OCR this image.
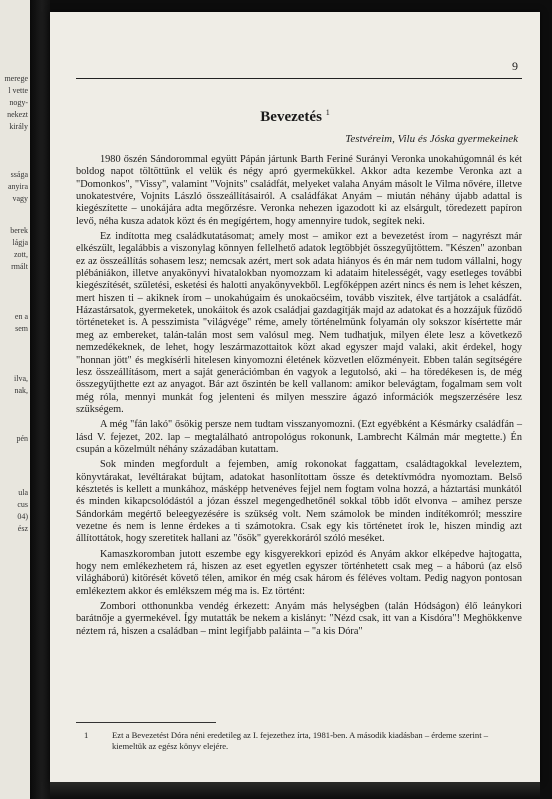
merege
l vette
nogy-
nekezt
király
ssága
anyira
vagy
berek
lágja
zott,
rmált
en a
sem
ilva,
nak,
pén
ula
cus
04)
ész
9
Bevezetés $^1$
Testvéreim, Vilu és Jóska gyermekeinek

1980 őszén Sándorommal együtt Pápán jártunk Barth Feriné Surányi Veronka unokahúgomnál és két boldog napot töltöttünk el velük és négy apró gyermekükkel. Akkor adta kezembe Veronka azt a "Domonkos", "Vissy", valamint "Vojnits" családfát, melyeket valaha Anyám másolt le Vilma nővére, illetve unokatestvére, Vojnits László összeállításairól. A családfákat Anyám – miután néhány újabb adattal is kiegészítette – unokájára adta megőrzésre. Veronka nehezen igazodott ki az elsárgult, töredezett papíron levő, néha kusza adatok közt és én megígértem, hogy amennyire tudok, segítek neki.

Ez indította meg családkutatásomat; amely most – amikor ezt a bevezetést írom – nagyrészt már elkészült, legalábbis a viszonylag könnyen fellelhető adatok legtöbbjét összegyűjtöttem. "Készen" azonban ez az összeállítás sohasem lesz; nemcsak azért, mert sok adata hiányos és én már nem tudom vállalni, hogy plébániákon, illetve anyakönyvi hivatalokban nyomozzam ki adataim hitelességét, vagy esetleges további kiegészítését, születési, esketési és halotti anyakönyvekből. Legfőképpen azért nincs és nem is lehet készen, mert hiszen ti – akiknek írom – unokahúgaim és unokaöcséim, tovább viszitek, élve tartjátok a családfát. Házastársatok, gyermeketek, unokáitok és azok családjai gazdagítják majd az adatokat és a hozzájuk fűződő történeteket is. A pesszimista "világvége" réme, amely történelmünk folyamán oly sokszor kísértette már meg az embereket, talán-talán most sem valósul meg. Nem tudhatjuk, milyen élete lesz a következő nemzedékeknek, de lehet, hogy leszármazottaitok közt akad egyszer majd valaki, akit érdekel, hogy "honnan jött" és megkísérli hitelesen kinyomozni életének közvetlen előzményeit. Ebben talán segítségére lesz összeállításom, mert a saját generációmban én vagyok a legutolsó, aki – ha töredékesen is, de még összegyűjthette ezt az anyagot. Bár azt őszintén be kell vallanom: amikor belevágtam, fogalmam sem volt még róla, mennyi munkát fog jelenteni és milyen messzire ágazó információk megszerzésére lesz szükségem.

A még "fán lakó" ősökig persze nem tudtam visszanyomozni. (Ezt egyébként a Késmárky családfán – lásd V. fejezet, 202. lap – megtalálható antropológus rokonunk, Lambrecht Kálmán már megtette.) Én csupán a közelmúlt néhány századában kutattam.

Sok minden megfordult a fejemben, amíg rokonokat faggattam, családtagokkal leveleztem, könyvtárakat, levéltárakat bújtam, adatokat hasonlítottam össze és detektívmódra nyomoztam. Belső késztetés is kellett a munkához, másképp hetvenéves fejjel nem fogtam volna hozzá, a háztartási munkától és minden kikapcsolódástól a józan ésszel megengedhetőnél sokkal több időt elvonva – amihez persze Sándorkám megértő beleegyezésére is szükség volt. Nem számolok be minden indítékomról; messzire vezetne és nem is lenne érdekes a ti számotokra. Csak egy kis történetet írok le, hiszen mindig azt állítottátok, hogy szeretitek hallani az "ősök" gyerekkoráról szóló meséket.

Kamaszkoromban jutott eszembe egy kisgyerekkori epizód és Anyám akkor elképedve hajtogatta, hogy nem emlékezhetem rá, hiszen az eset egyetlen egyszer történhetett csak meg – a háború (az első világháború) kitörését követő télen, amikor én még csak három és féléves voltam. Pedig nagyon pontosan emlékeztem akkor és emlékszem még ma is. Ez történt:

Zombori otthonunkba vendég érkezett: Anyám más helységben (talán Hódságon) élő leánykori barátnője a gyermekével. Így mutatták be nekem a kislányt: "Nézd csak, itt van a Kisdóra"! Meghökkenve néztem rá, hiszen a családban – mint legifjabb paláinta – "a kis Dóra"

1	Ezt a Bevezetést Dóra néni eredetileg az I. fejezethez írta, 1981-ben. A második kiadásban – érdeme szerint – kiemeltük az egész könyv elejére.
